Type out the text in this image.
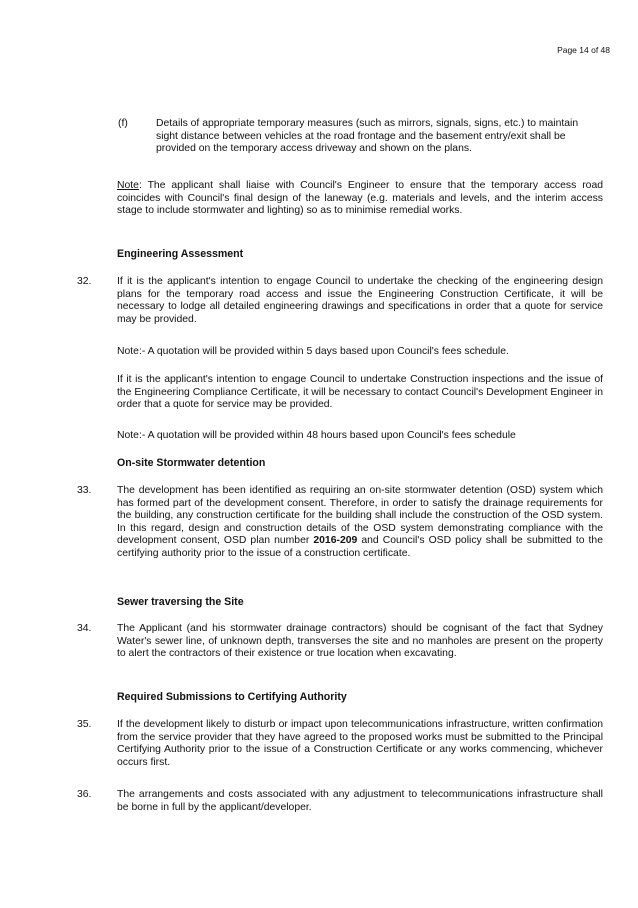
Page 14 of 48
(f)	Details of appropriate temporary measures (such as mirrors, signals, signs, etc.) to maintain sight distance between vehicles at the road frontage and the basement entry/exit shall be provided on the temporary access driveway and shown on the plans.
Note: The applicant shall liaise with Council's Engineer to ensure that the temporary access road coincides with Council's final design of the laneway (e.g. materials and levels, and the interim access stage to include stormwater and lighting) so as to minimise remedial works.
Engineering Assessment
32. If it is the applicant's intention to engage Council to undertake the checking of the engineering design plans for the temporary road access and issue the Engineering Construction Certificate, it will be necessary to lodge all detailed engineering drawings and specifications in order that a quote for service may be provided.
Note:- A quotation will be provided within 5 days based upon Council's fees schedule.
If it is the applicant's intention to engage Council to undertake Construction inspections and the issue of the Engineering Compliance Certificate, it will be necessary to contact Council's Development Engineer in order that a quote for service may be provided.
Note:- A quotation will be provided within 48 hours based upon Council's fees schedule
On-site Stormwater detention
33. The development has been identified as requiring an on-site stormwater detention (OSD) system which has formed part of the development consent. Therefore, in order to satisfy the drainage requirements for the building, any construction certificate for the building shall include the construction of the OSD system. In this regard, design and construction details of the OSD system demonstrating compliance with the development consent, OSD plan number 2016-209 and Council's OSD policy shall be submitted to the certifying authority prior to the issue of a construction certificate.
Sewer traversing the Site
34. The Applicant (and his stormwater drainage contractors) should be cognisant of the fact that Sydney Water's sewer line, of unknown depth, transverses the site and no manholes are present on the property to alert the contractors of their existence or true location when excavating.
Required Submissions to Certifying Authority
35. If the development likely to disturb or impact upon telecommunications infrastructure, written confirmation from the service provider that they have agreed to the proposed works must be submitted to the Principal Certifying Authority prior to the issue of a Construction Certificate or any works commencing, whichever occurs first.
36. The arrangements and costs associated with any adjustment to telecommunications infrastructure shall be borne in full by the applicant/developer.
